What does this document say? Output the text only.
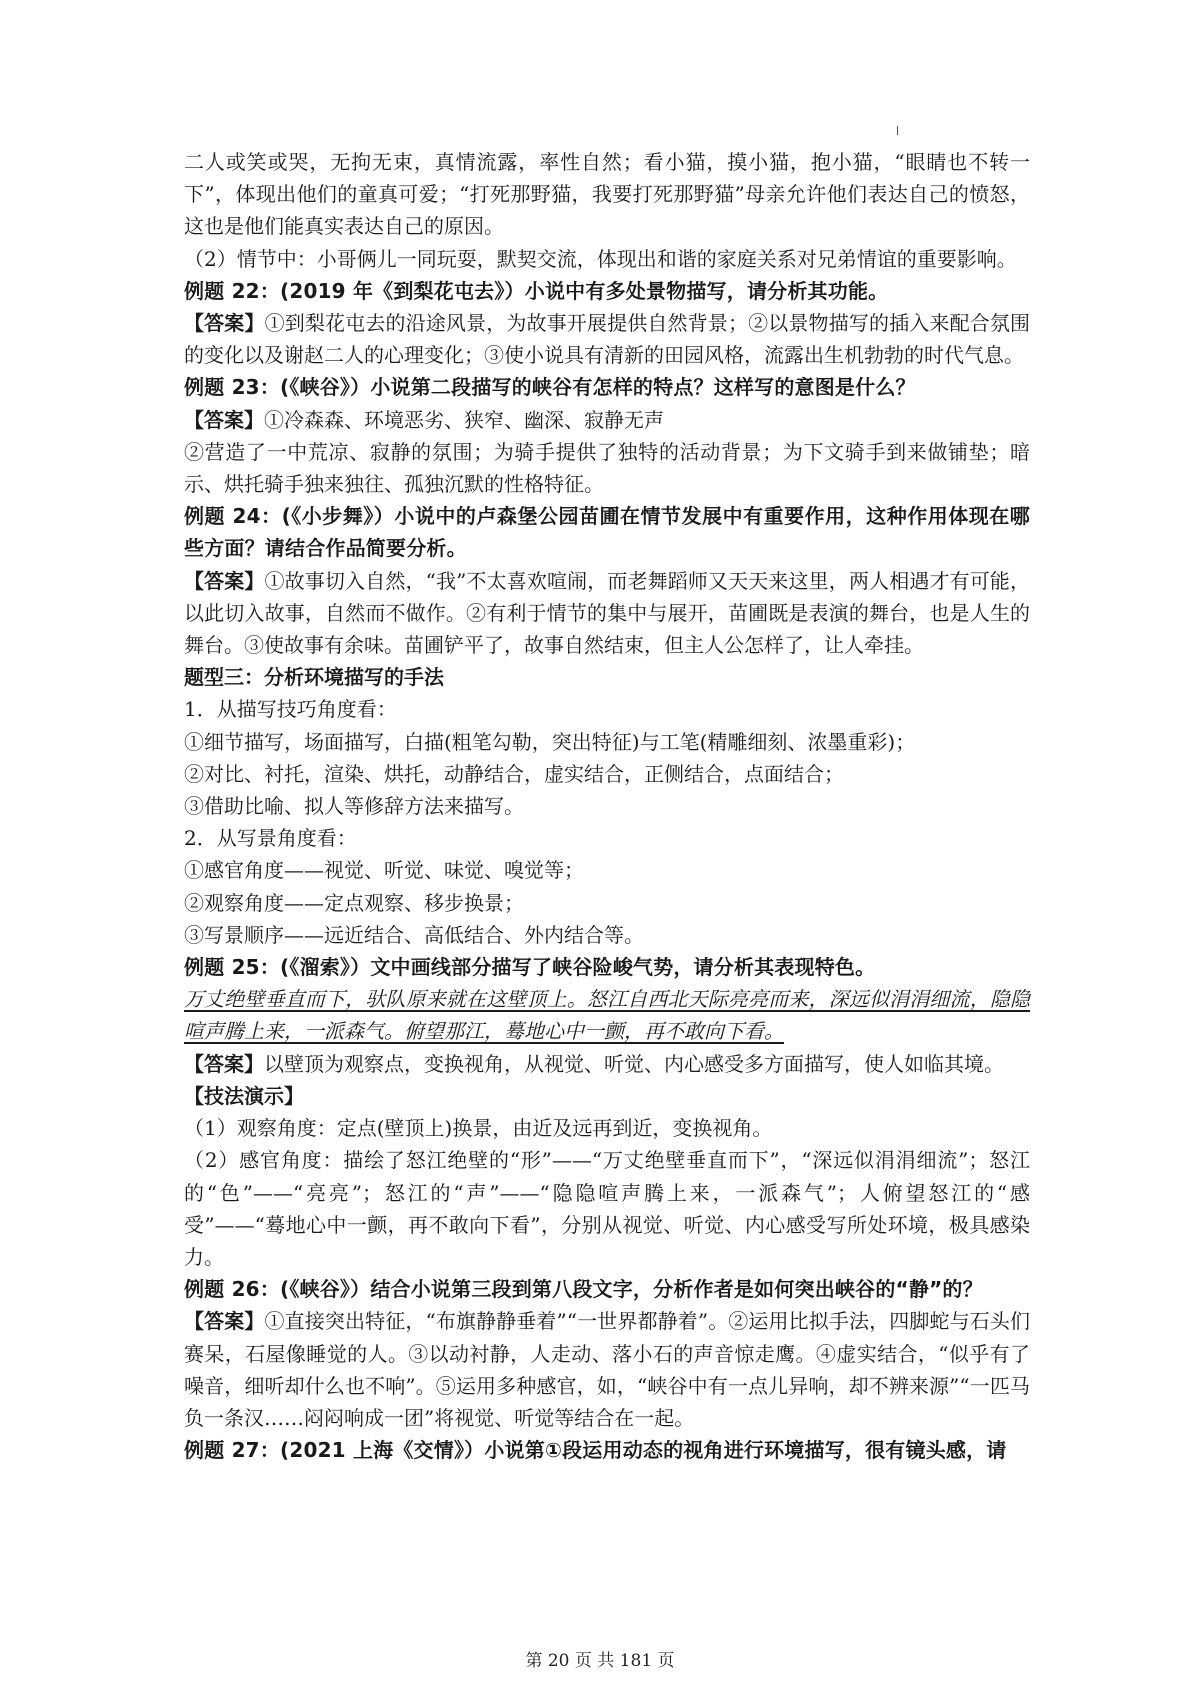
二人或笑或哭，无拘无束，真情流露，率性自然；看小猫，摸小猫，抱小猫，“眼睛也不转一下”，体现出他们的童真可爱；“打死那野猫，我要打死那野猫”母亲允许他们表达自己的愤怒，这也是他们能真实表达自己的原因。

（2）情节中：小哥俩儿一同玩耍，默契交流，体现出和谐的家庭关系对兄弟情谊的重要影响。

例题 22：(2019 年《到梨花屯去》）小说中有多处景物描写，请分析其功能。

【答案】①到梨花屯去的沿途风景，为故事开展提供自然背景；②以景物描写的插入来配合氛围的变化以及谢赵二人的心理变化；③使小说具有清新的田园风格，流露出生机勃勃的时代气息。

例题 23：(《峡谷》）小说第二段描写的峡谷有怎样的特点？这样写的意图是什么？

【答案】①冷森森、环境恶劣、狭窄、幽深、寂静无声

②营造了一中荒凉、寂静的氛围；为骑手提供了独特的活动背景；为下文骑手到来做铺垫；暗示、烘托骑手独来独往、孤独沉默的性格特征。

例题 24：(《小步舞》）小说中的卢森堡公园苗圃在情节发展中有重要作用，这种作用体现在哪些方面？请结合作品简要分析。

【答案】①故事切入自然，“我”不太喜欢喧闹，而老舞蹈师又天天来这里，两人相遇才有可能，以此切入故事，自然而不做作。②有利于情节的集中与展开，苗圃既是表演的舞台，也是人生的舞台。③使故事有余味。苗圃铲平了，故事自然结束，但主人公怎样了，让人牵挂。

题型三：分析环境描写的手法

1．从描写技巧角度看：

①细节描写，场面描写，白描(粗笔勾勒，突出特征)与工笔(精雕细刻、浓墨重彩)；

②对比、衬托，渲染、烘托，动静结合，虚实结合，正侧结合，点面结合；

③借助比喻、拟人等修辞方法来描写。

2．从写景角度看：

①感官角度——视觉、听觉、味觉、嗅觉等；

②观察角度——定点观察、移步换景；

③写景顺序——远近结合、高低结合、外内结合等。

例题 25：(《溜索》）文中画线部分描写了峡谷险峻气势，请分析其表现特色。

万丈绝壁垂直而下，驮队原来就在这壁顶上。怒江自西北天际亮亮而来，深远似涓涓细流，隐隐喧声腾上来，一派森气。俯望那江，蓦地心中一颤，再不敢向下看。

【答案】以壁顶为观察点，变换视角，从视觉、听觉、内心感受多方面描写，使人如临其境。

【技法演示】

（1）观察角度：定点(壁顶上)换景，由近及远再到近，变换视角。

（2）感官角度：描绘了怒江绝壁的“形”——“万丈绝壁垂直而下”，“深远似涓涓细流”；怒江的“色”——“亮亮”；怒江的“声”——“隐隐喧声腾上来，一派森气”；人俯望怒江的“感受”——“蓦地心中一颤，再不敢向下看”，分别从视觉、听觉、内心感受写所处环境，极具感染力。

例题 26：(《峡谷》）结合小说第三段到第八段文字，分析作者是如何突出峡谷的“静”的？

【答案】①直接突出特征，“布旗静静垂着”“一世界都静着”。②运用比拟手法，四脚蛇与石头们赛呆，石屋像睡觉的人。③以动衬静，人走动、落小石的声音惊走鹰。④虚实结合，“似乎有了噪音，细听却什么也不响”。⑤运用多种感官，如，“峡谷中有一点儿异响，却不辨来源”“一匹马负一条汉……闷闷响成一团”将视觉、听觉等结合在一起。

例题 27：(2021 上海《交情》）小说第①段运用动态的视角进行环境描写，很有镜头感，请

第 20 页 共 181 页
